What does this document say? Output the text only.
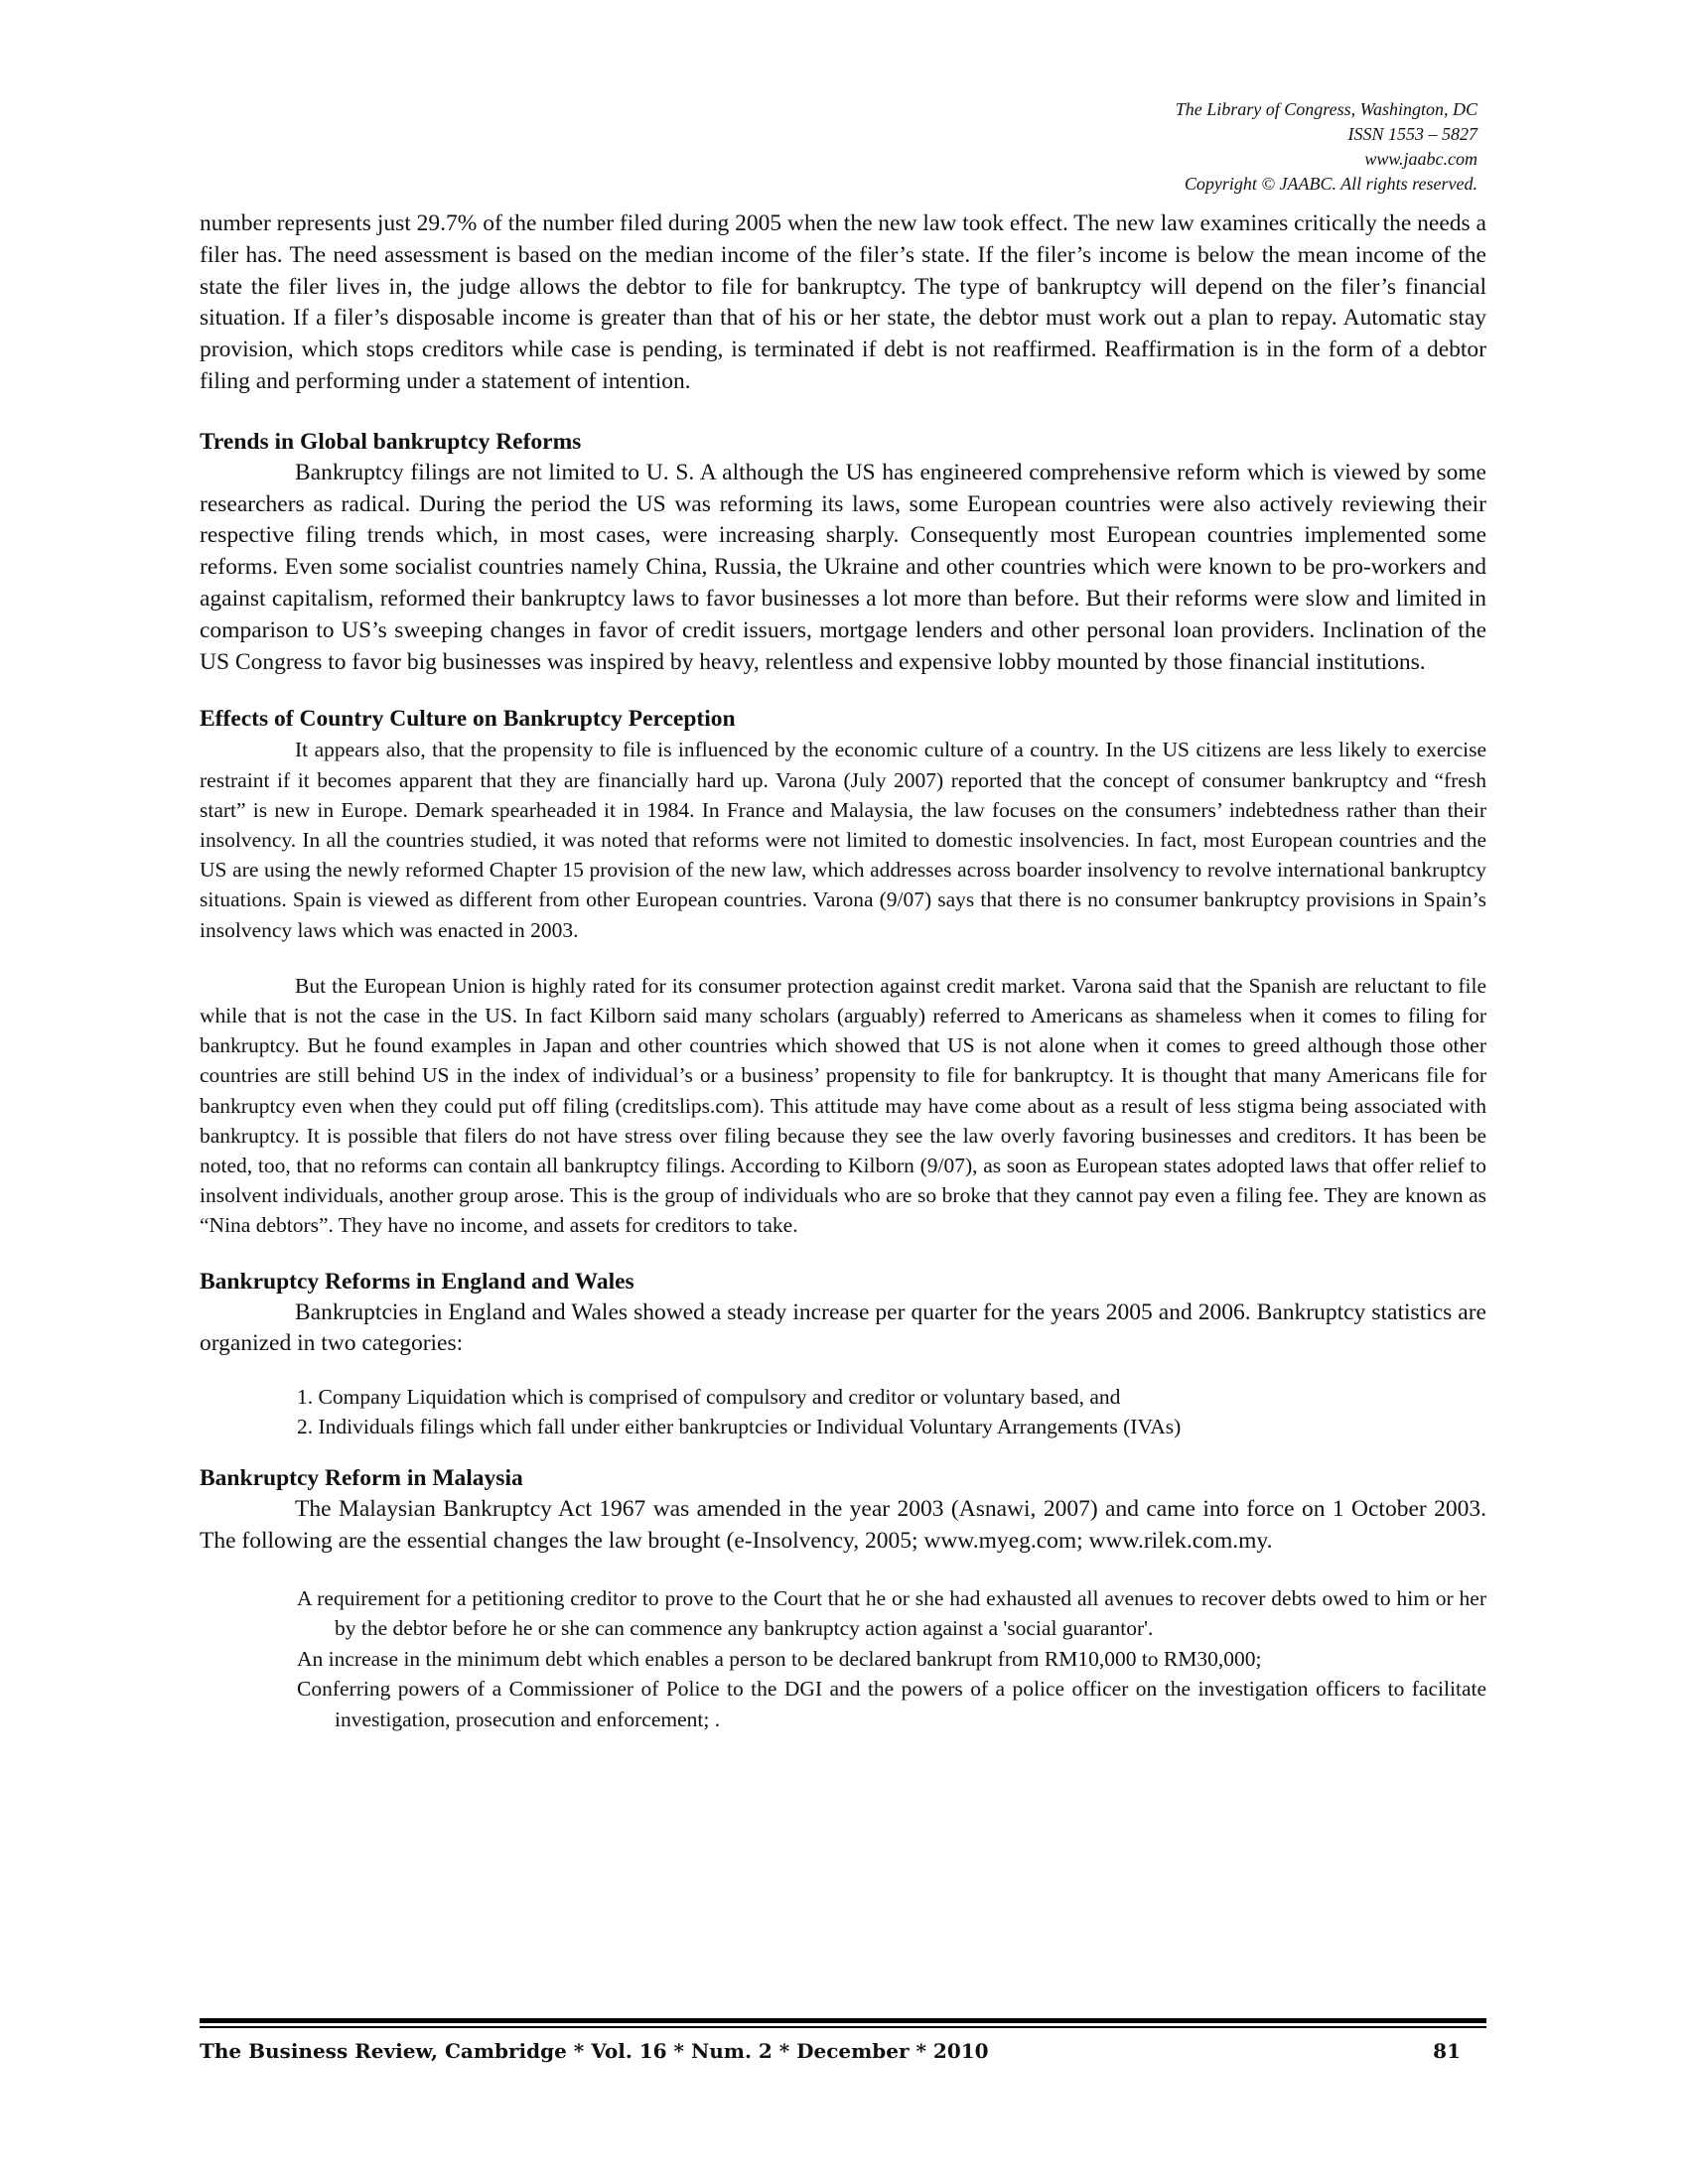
The Library of Congress, Washington, DC
ISSN 1553 – 5827
www.jaabc.com
Copyright © JAABC. All rights reserved.

number represents just 29.7% of the number filed during 2005 when the new law took effect. The new law examines critically the needs a filer has. The need assessment is based on the median income of the filer’s state. If the filer’s income is below the mean income of the state the filer lives in, the judge allows the debtor to file for bankruptcy. The type of bankruptcy will depend on the filer’s financial situation. If a filer’s disposable income is greater than that of his or her state, the debtor must work out a plan to repay. Automatic stay provision, which stops creditors while case is pending, is terminated if debt is not reaffirmed. Reaffirmation is in the form of a debtor filing and performing under a statement of intention.

Trends in Global bankruptcy Reforms

Bankruptcy filings are not limited to U. S. A although the US has engineered comprehensive reform which is viewed by some researchers as radical. During the period the US was reforming its laws, some European countries were also actively reviewing their respective filing trends which, in most cases, were increasing sharply. Consequently most European countries implemented some reforms. Even some socialist countries namely China, Russia, the Ukraine and other countries which were known to be pro-workers and against capitalism, reformed their bankruptcy laws to favor businesses a lot more than before. But their reforms were slow and limited in comparison to US’s sweeping changes in favor of credit issuers, mortgage lenders and other personal loan providers. Inclination of the US Congress to favor big businesses was inspired by heavy, relentless and expensive lobby mounted by those financial institutions.

Effects of Country Culture on Bankruptcy Perception

It appears also, that the propensity to file is influenced by the economic culture of a country. In the US citizens are less likely to exercise restraint if it becomes apparent that they are financially hard up. Varona (July 2007) reported that the concept of consumer bankruptcy and “fresh start” is new in Europe. Demark spearheaded it in 1984. In France and Malaysia, the law focuses on the consumers’ indebtedness rather than their insolvency. In all the countries studied, it was noted that reforms were not limited to domestic insolvencies. In fact, most European countries and the US are using the newly reformed Chapter 15 provision of the new law, which addresses across boarder insolvency to revolve international bankruptcy situations. Spain is viewed as different from other European countries. Varona (9/07) says that there is no consumer bankruptcy provisions in Spain’s insolvency laws which was enacted in 2003.

But the European Union is highly rated for its consumer protection against credit market. Varona said that the Spanish are reluctant to file while that is not the case in the US. In fact Kilborn said many scholars (arguably) referred to Americans as shameless when it comes to filing for bankruptcy. But he found examples in Japan and other countries which showed that US is not alone when it comes to greed although those other countries are still behind US in the index of individual’s or a business’ propensity to file for bankruptcy. It is thought that many Americans file for bankruptcy even when they could put off filing (creditslips.com). This attitude may have come about as a result of less stigma being associated with bankruptcy. It is possible that filers do not have stress over filing because they see the law overly favoring businesses and creditors. It has been be noted, too, that no reforms can contain all bankruptcy filings. According to Kilborn (9/07), as soon as European states adopted laws that offer relief to insolvent individuals, another group arose. This is the group of individuals who are so broke that they cannot pay even a filing fee. They are known as “Nina debtors”. They have no income, and assets for creditors to take.

Bankruptcy Reforms in England and Wales

Bankruptcies in England and Wales showed a steady increase per quarter for the years 2005 and 2006. Bankruptcy statistics are organized in two categories:

1. Company Liquidation which is comprised of compulsory and creditor or voluntary based, and
2. Individuals filings which fall under either bankruptcies or Individual Voluntary Arrangements (IVAs)
Bankruptcy Reform in Malaysia

The Malaysian Bankruptcy Act 1967 was amended in the year 2003 (Asnawi, 2007) and came into force on 1 October 2003. The following are the essential changes the law brought (e-Insolvency, 2005; www.myeg.com; www.rilek.com.my.

A requirement for a petitioning creditor to prove to the Court that he or she had exhausted all avenues to recover debts owed to him or her by the debtor before he or she can commence any bankruptcy action against a 'social guarantor'.
An increase in the minimum debt which enables a person to be declared bankrupt from RM10,000 to RM30,000;
Conferring powers of a Commissioner of Police to the DGI and the powers of a police officer on the investigation officers to facilitate investigation, prosecution and enforcement; .
The Business Review, Cambridge * Vol. 16 * Num. 2 * December * 2010	81
